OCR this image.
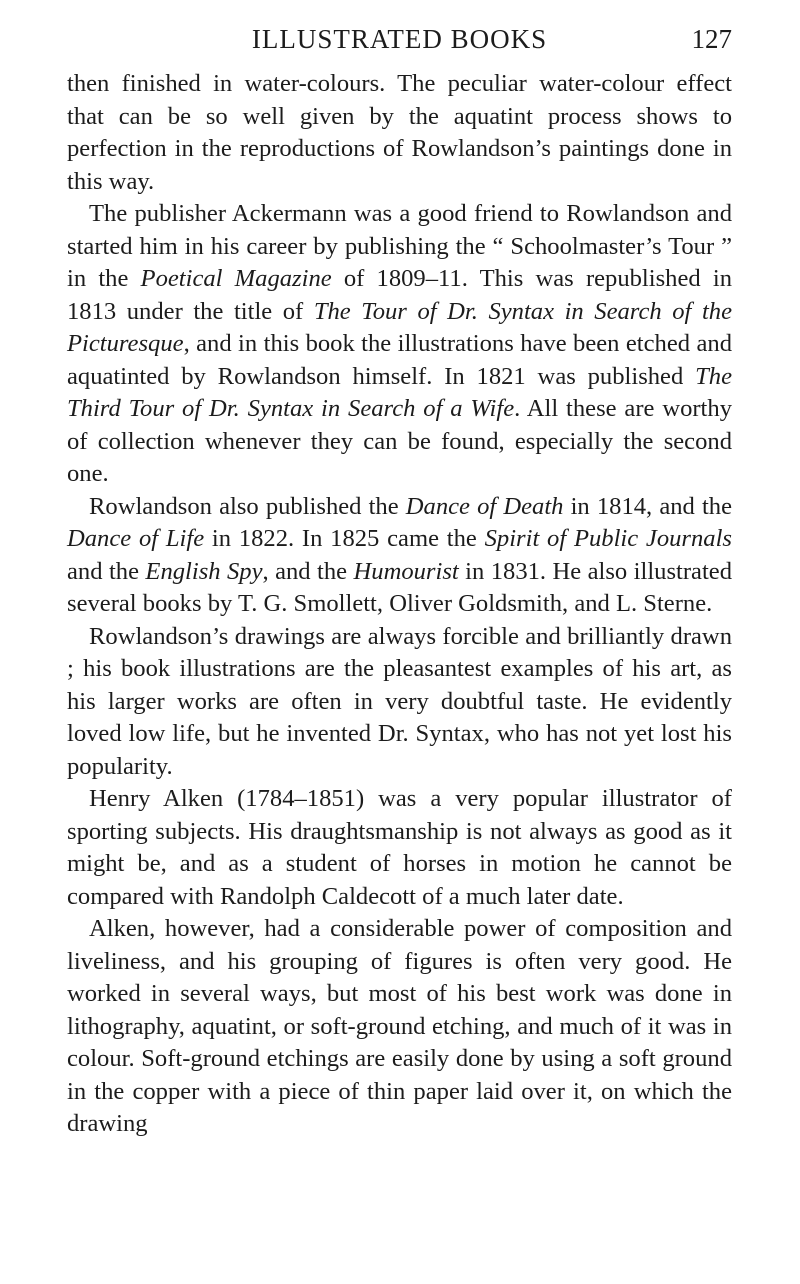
ILLUSTRATED BOOKS	127

then finished in water-colours. The peculiar water-colour effect that can be so well given by the aquatint process shows to perfection in the reproductions of Rowlandson’s paintings done in this way.

The publisher Ackermann was a good friend to Rowlandson and started him in his career by publishing the “ Schoolmaster’s Tour ” in the Poetical Magazine of 1809–11. This was republished in 1813 under the title of The Tour of Dr. Syntax in Search of the Picturesque, and in this book the illustrations have been etched and aquatinted by Rowlandson himself. In 1821 was published The Third Tour of Dr. Syntax in Search of a Wife. All these are worthy of collection whenever they can be found, especially the second one.

Rowlandson also published the Dance of Death in 1814, and the Dance of Life in 1822. In 1825 came the Spirit of Public Journals and the English Spy, and the Humourist in 1831. He also illustrated several books by T. G. Smollett, Oliver Goldsmith, and L. Sterne.

Rowlandson’s drawings are always forcible and brilliantly drawn ; his book illustrations are the pleasantest examples of his art, as his larger works are often in very doubtful taste. He evidently loved low life, but he invented Dr. Syntax, who has not yet lost his popularity.

Henry Alken (1784–1851) was a very popular illustrator of sporting subjects. His draughtsmanship is not always as good as it might be, and as a student of horses in motion he cannot be compared with Randolph Caldecott of a much later date.

Alken, however, had a considerable power of composition and liveliness, and his grouping of figures is often very good. He worked in several ways, but most of his best work was done in lithography, aquatint, or soft-ground etching, and much of it was in colour. Soft-ground etchings are easily done by using a soft ground in the copper with a piece of thin paper laid over it, on which the drawing
